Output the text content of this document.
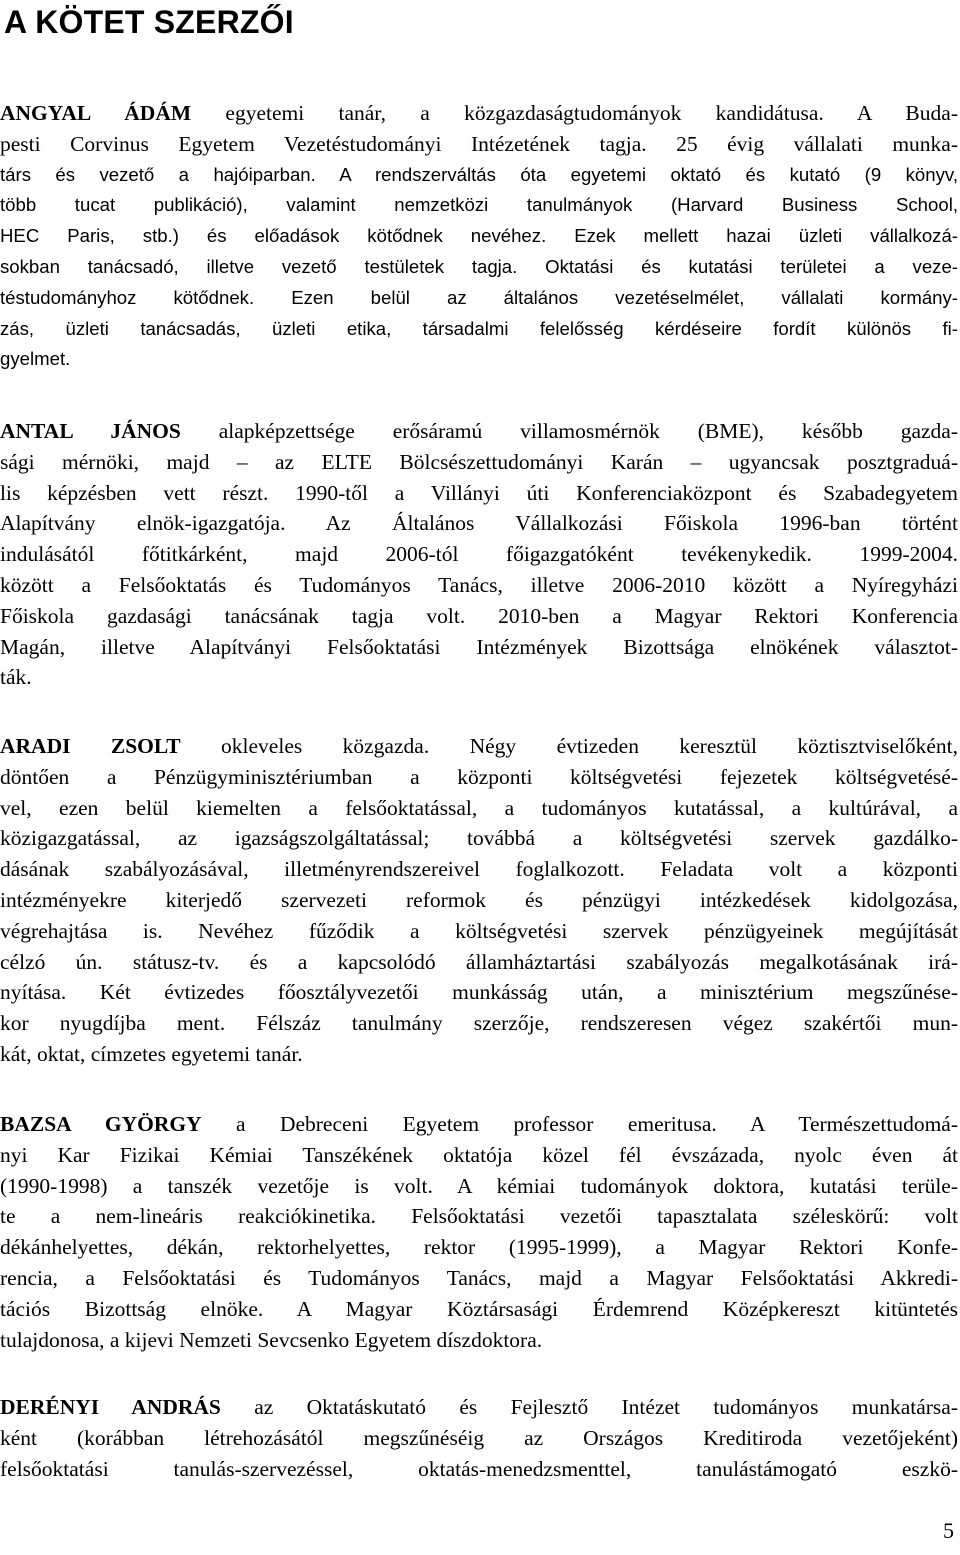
A KÖTET SZERZŐI
ANGYAL ÁDÁM egyetemi tanár, a közgazdaságtudományok kandidátusa. A Buda-
pesti Corvinus Egyetem Vezetéstudományi Intézetének tagja. 25 évig vállalati munka-
társ és vezető a hajóiparban. A rendszerváltás óta egyetemi oktató és kutató (9 könyv,
több tucat publikáció), valamint nemzetközi tanulmányok (Harvard Business School,
HEC Paris, stb.) és előadások kötődnek nevéhez. Ezek mellett hazai üzleti vállalkozá-
sokban tanácsadó, illetve vezető testületek tagja. Oktatási és kutatási területei a veze-
téstudományhoz kötődnek. Ezen belül az általános vezetéselmélet, vállalati kormány-
zás, üzleti tanácsadás, üzleti etika, társadalmi felelősség kérdéseire fordít különös fi-
gyelmet.
ANTAL JÁNOS alapképzettsége erősáramú villamosmérnök (BME), később gazda-
sági mérnöki, majd – az ELTE Bölcsészettudományi Karán – ugyancsak posztgraduá-
lis képzésben vett részt. 1990-től a Villányi úti Konferenciaközpont és Szabadegyetem
Alapítvány elnök-igazgatója. Az Általános Vállalkozási Főiskola 1996-ban történt
indulásától főtitkárként, majd 2006-tól főigazgatóként tevékenykedik. 1999-2004.
között a Felsőoktatás és Tudományos Tanács, illetve 2006-2010 között a Nyíregyházi
Főiskola gazdasági tanácsának tagja volt. 2010-ben a Magyar Rektori Konferencia
Magán, illetve Alapítványi Felsőoktatási Intézmények Bizottsága elnökének választot-
ták.
ARADI ZSOLT okleveles közgazda. Négy évtizeden keresztül köztisztviselőként,
döntően a Pénzügyminisztériumban a központi költségvetési fejezetek költségvetésé-
vel, ezen belül kiemelten a felsőoktatással, a tudományos kutatással, a kultúrával, a
közigazgatással, az igazságszolgáltatással; továbbá a költségvetési szervek gazdálko-
dásának szabályozásával, illetményrendszereivel foglalkozott. Feladata volt a központi
intézményekre kiterjedő szervezeti reformok és pénzügyi intézkedések kidolgozása,
végrehajtása is. Nevéhez fűződik a költségvetési szervek pénzügyeinek megújítását
célzó ún. státusz-tv. és a kapcsolódó államháztartási szabályozás megalkotásának irá-
nyítása. Két évtizedes főosztályvezetői munkásság után, a minisztérium megszűnése-
kor nyugdíjba ment. Félszáz tanulmány szerzője, rendszeresen végez szakértői mun-
kát, oktat, címzetes egyetemi tanár.
BAZSA GYÖRGY a Debreceni Egyetem professor emeritusa. A Természettudomá-
nyi Kar Fizikai Kémiai Tanszékének oktatója közel fél évszázada, nyolc éven át
(1990-1998) a tanszék vezetője is volt. A kémiai tudományok doktora, kutatási terüle-
te a nem-lineáris reakciókinetika. Felsőoktatási vezetői tapasztalata széleskörű: volt
dékánhelyettes, dékán, rektorhelyettes, rektor (1995-1999), a Magyar Rektori Konfe-
rencia, a Felsőoktatási és Tudományos Tanács, majd a Magyar Felsőoktatási Akkredi-
tációs Bizottság elnöke. A Magyar Köztársasági Érdemrend Középkereszt kitüntetés
tulajdonosa, a kijevi Nemzeti Sevcsenko Egyetem díszdoktora.
DERÉNYI ANDRÁS az Oktatáskutató és Fejlesztő Intézet tudományos munkatársa-
ként (korábban létrehozásától megszűnéséig az Országos Kreditiroda vezetőjeként)
felsőoktatási tanulás-szervezéssel, oktatás-menedzsmenttel, tanulástámogató eszkö-
5
